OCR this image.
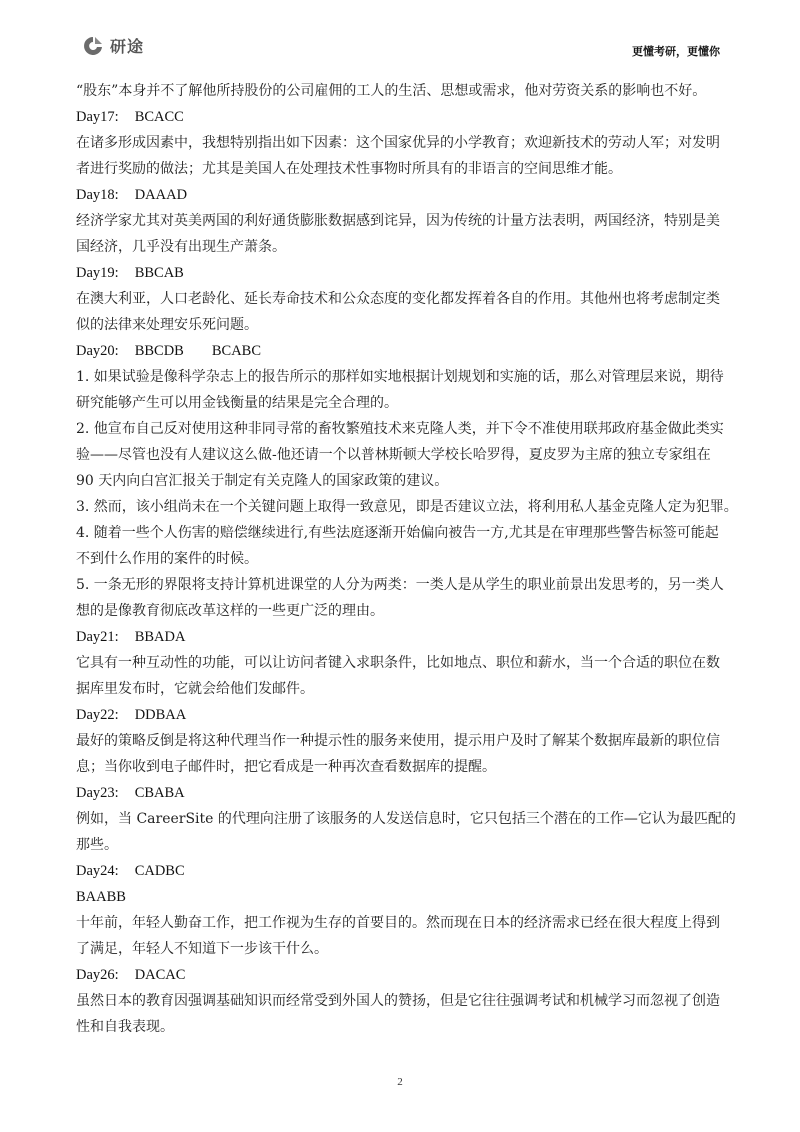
研途	更懂考研，更懂你
“股东”本身并不了解他所持股份的公司雇佣的工人的生活、思想或需求，他对劳资关系的影响也不好。
Day17: BCACC
在诸多形成因素中，我想特别指出如下因素：这个国家优异的小学教育；欢迎新技术的劳动人军；对发明
者进行奖励的做法；尤其是美国人在处理技术性事物时所具有的非语言的空间思维才能。
Day18: DAAAD
经济学家尤其对英美两国的利好通货膨胀数据感到诧异，因为传统的计量方法表明，两国经济，特别是美
国经济，几乎没有出现生产萧条。
Day19: BBCAB
在澳大利亚，人口老龄化、延长寿命技术和公众态度的变化都发挥着各自的作用。其他州也将考虑制定类
似的法律来处理安乐死问题。
Day20: BBCDB BCABC
1. 如果试验是像科学杂志上的报告所示的那样如实地根据计划规划和实施的话，那么对管理层来说，期待
研究能够产生可以用金钱衡量的结果是完全合理的。
2. 他宣布自己反对使用这种非同寻常的畜牧繁殖技术来克隆人类，并下令不准使用联邦政府基金做此类实
验——尽管也没有人建议这么做-他还请一个以普林斯顿大学校长哈罗得，夏皮罗为主席的独立专家组在
90 天内向白宫汇报关于制定有关克隆人的国家政策的建议。
3. 然而，该小组尚未在一个关键问题上取得一致意见，即是否建议立法，将利用私人基金克隆人定为犯罪。
4. 随着一些个人伤害的赔偿继续进行,有些法庭逐渐开始偏向被告一方,尤其是在审理那些警告标签可能起
不到什么作用的案件的时候。
5. 一条无形的界限将支持计算机进课堂的人分为两类：一类人是从学生的职业前景出发思考的，另一类人
想的是像教育彻底改革这样的一些更广泛的理由。
Day21: BBADA
它具有一种互动性的功能，可以让访问者键入求职条件，比如地点、职位和薪水，当一个合适的职位在数
据库里发布时，它就会给他们发邮件。
Day22: DDBAA
最好的策略反倒是将这种代理当作一种提示性的服务来使用，提示用户及时了解某个数据库最新的职位信
息；当你收到电子邮件时，把它看成是一种再次查看数据库的提醒。
Day23: CBABA
例如，当 CareerSite 的代理向注册了该服务的人发送信息时，它只包括三个潜在的工作—它认为最匹配的
那些。
Day24: CADBC
BAABB
十年前，年轻人勤奋工作，把工作视为生存的首要目的。然而现在日本的经济需求已经在很大程度上得到
了满足，年轻人不知道下一步该干什么。
Day26: DACAC
虽然日本的教育因强调基础知识而经常受到外国人的赞扬，但是它往往强调考试和机械学习而忽视了创造
性和自我表现。
2
